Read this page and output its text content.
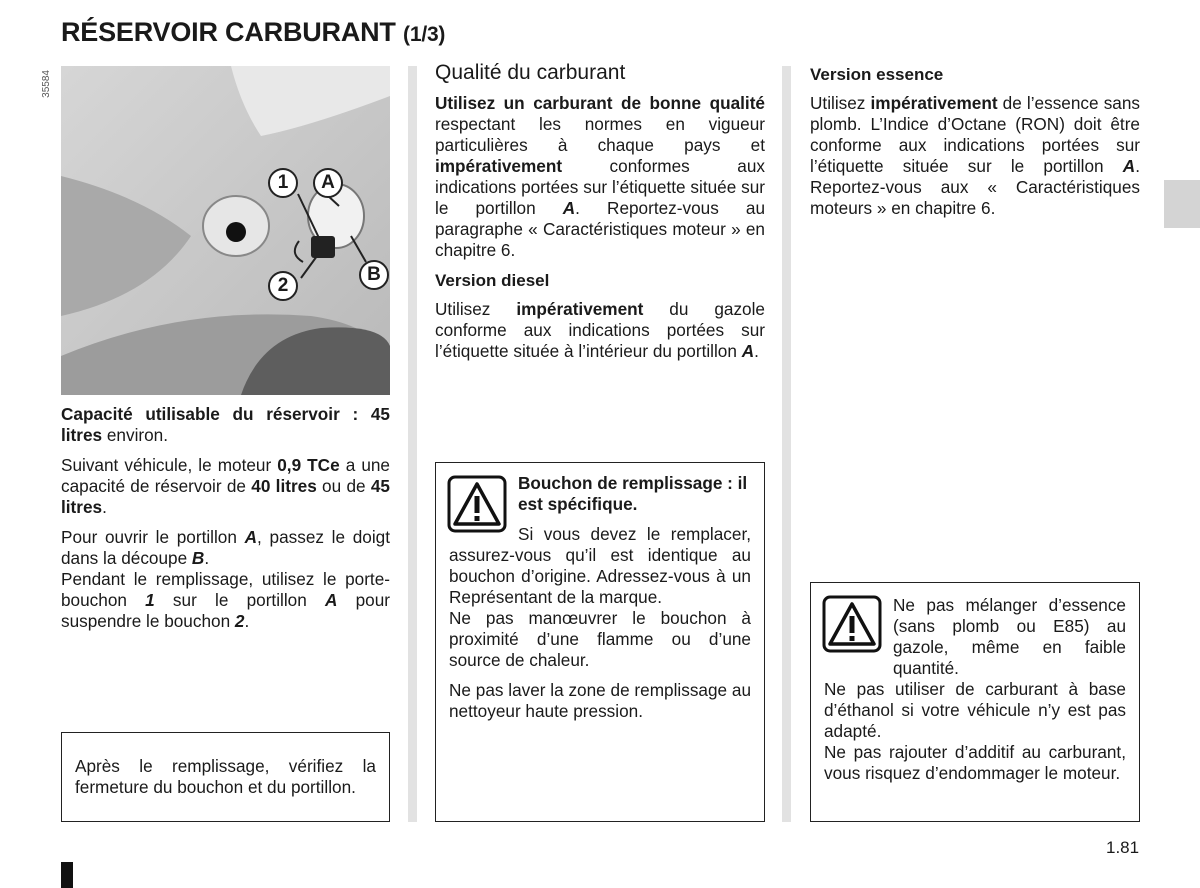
RÉSERVOIR CARBURANT (1/3)
1	A
2
B
35584

Capacité utilisable du réservoir : 45 litres environ.

Suivant véhicule, le moteur 0,9 TCe a une capacité de réservoir de 40 litres ou de 45 litres.

Pour ouvrir le portillon A, passez le doigt dans la découpe B.

Pendant le remplissage, utilisez le porte-bouchon 1 sur le portillon A pour suspendre le bouchon 2.

Après le remplissage, vérifiez la fermeture du bouchon et du portillon.
Qualité du carburant

Utilisez un carburant de bonne qualité respectant les normes en vigueur particulières à chaque pays et impérativement conformes aux indications portées sur l’étiquette située sur le portillon A. Reportez-vous au paragraphe « Caractéristiques moteur » en chapitre 6.

Version diesel

Utilisez impérativement du gazole conforme aux indications portées sur l’étiquette située à l’intérieur du portillon A.

Bouchon de remplissage : il est spécifique.

Si vous devez le remplacer, assurez-vous qu’il est identique au bouchon d’origine. Adressez-vous à un Représentant de la marque.

Ne pas manœuvrer le bouchon à proximité d’une flamme ou d’une source de chaleur.

Ne pas laver la zone de remplissage au nettoyeur haute pression.

Version essence

Utilisez impérativement de l’essence sans plomb. L’Indice d’Octane (RON) doit être conforme aux indications portées sur l’étiquette située sur le portillon A. Reportez-vous aux « Caractéristiques moteurs » en chapitre 6.

Ne pas mélanger d’essence (sans plomb ou E85) au gazole, même en faible quantité.

Ne pas utiliser de carburant à base d’éthanol si votre véhicule n’y est pas adapté.

Ne pas rajouter d’additif au carburant, vous risquez d’endommager le moteur.

1.81
